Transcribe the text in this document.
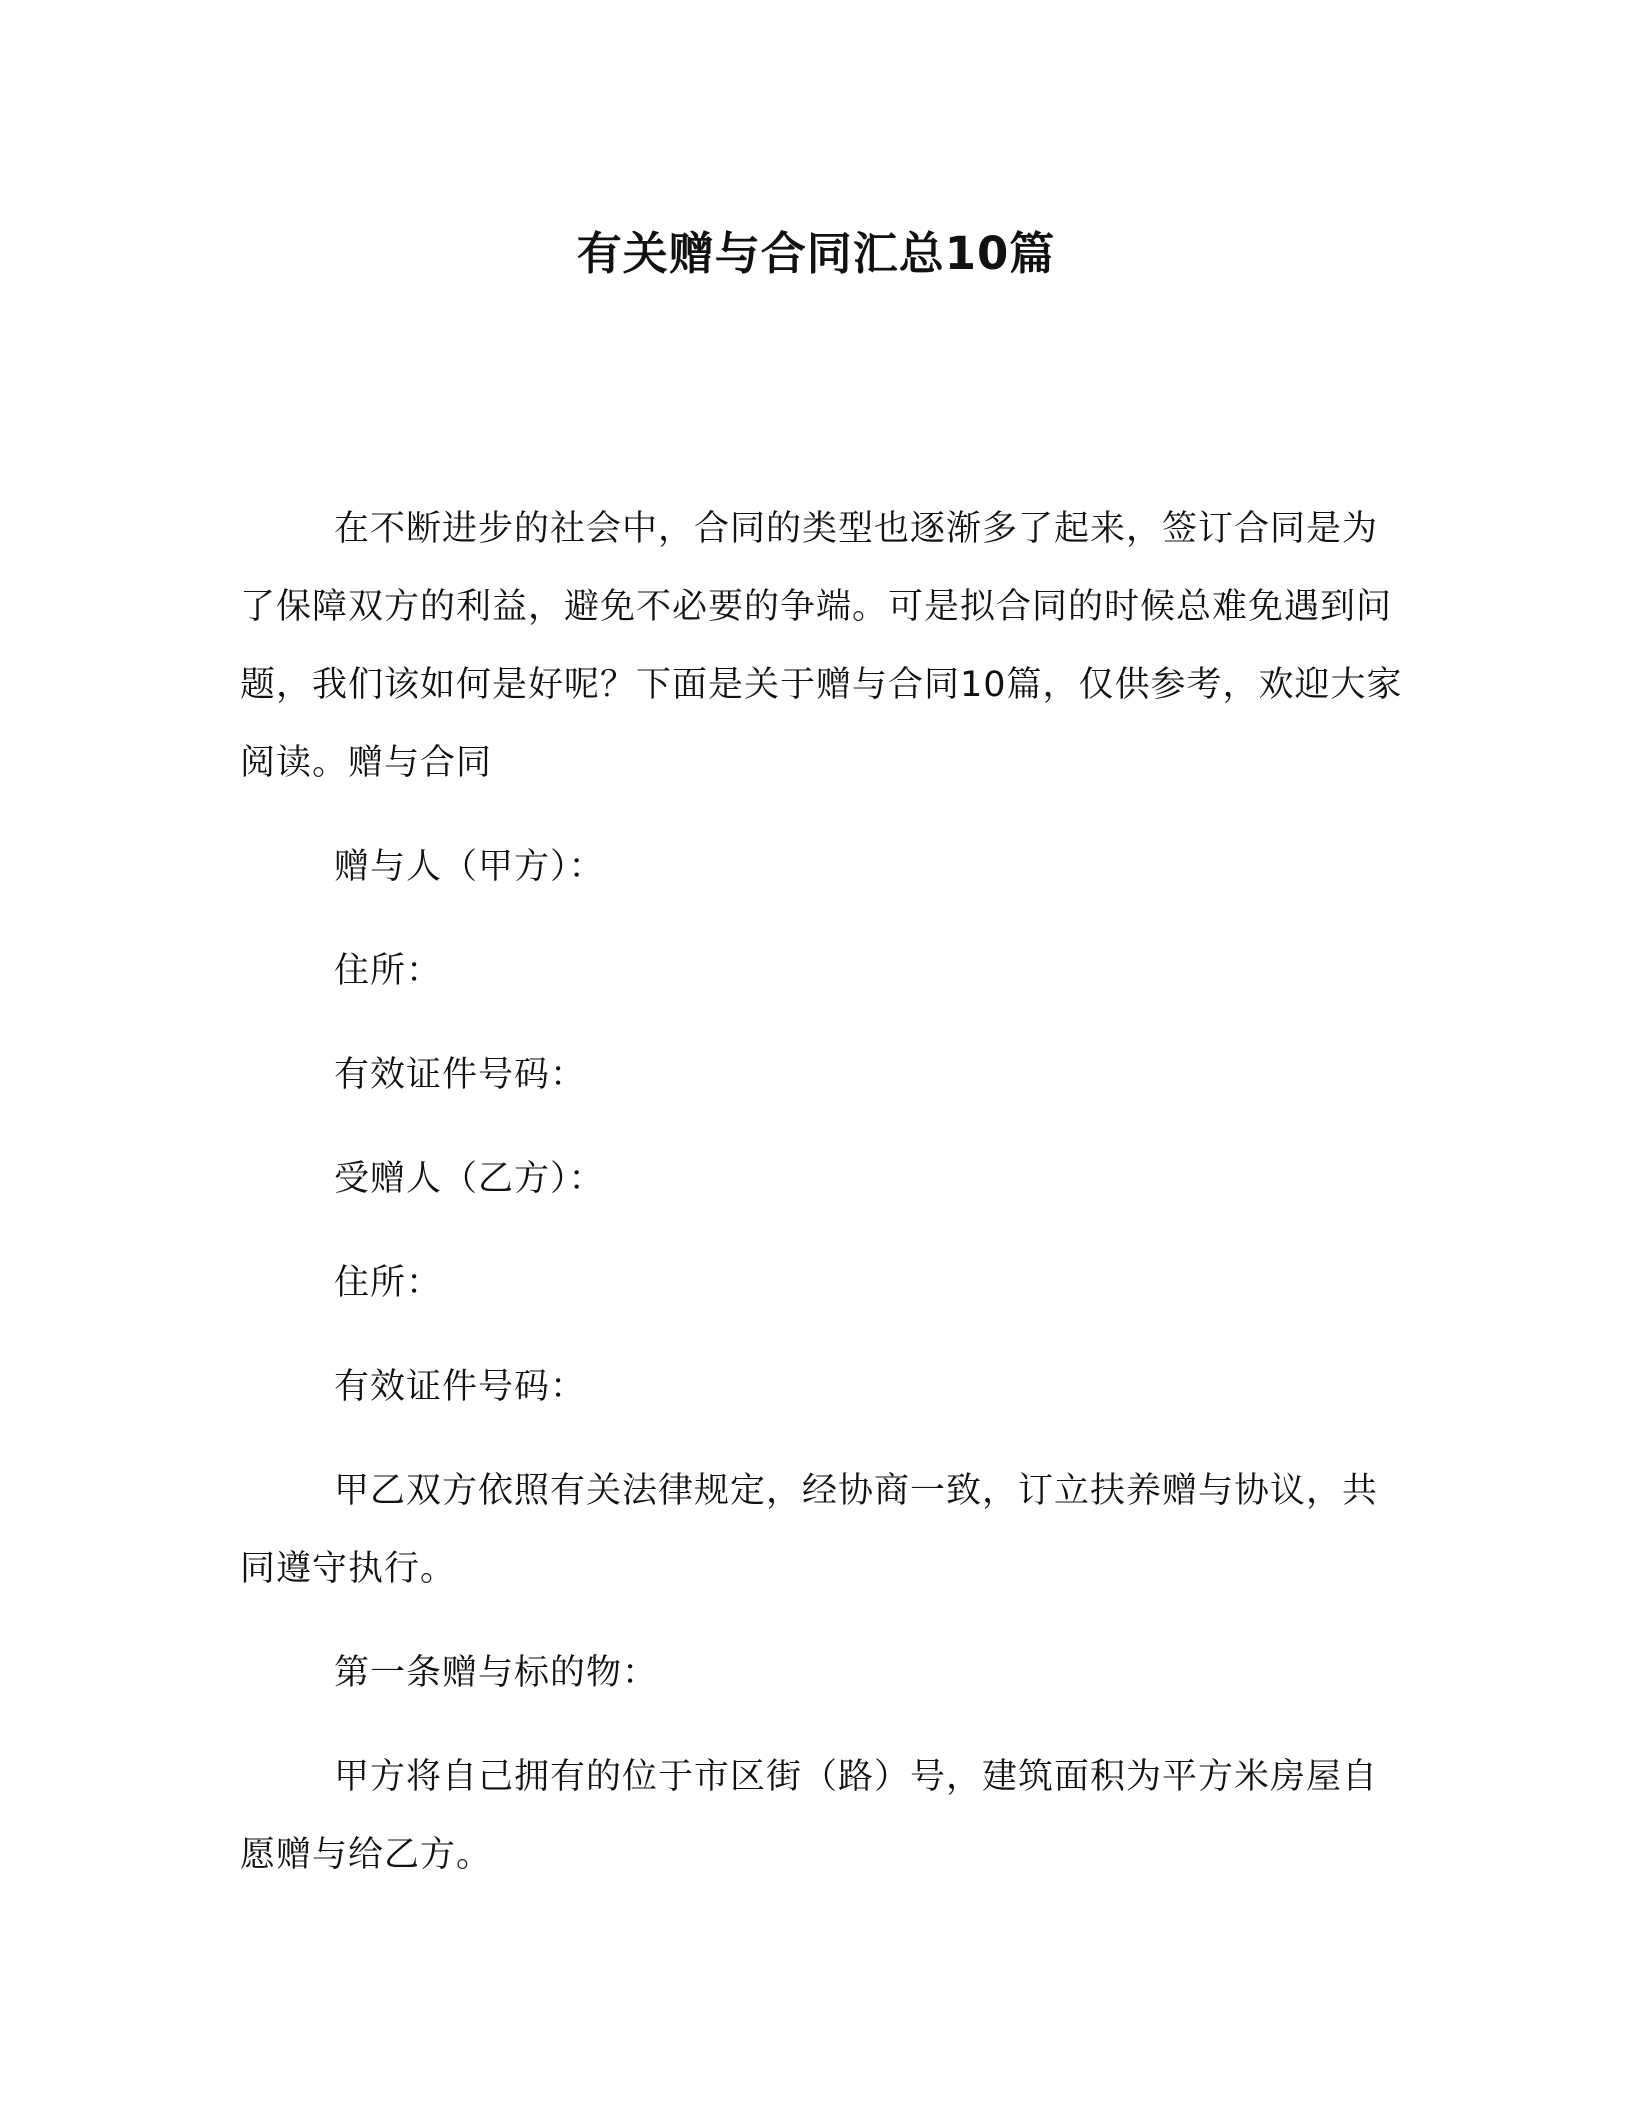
有关赠与合同汇总10篇

在不断进步的社会中，合同的类型也逐渐多了起来，签订合同是为了保障双方的利益，避免不必要的争端。可是拟合同的时候总难免遇到问题，我们该如何是好呢？下面是关于赠与合同10篇，仅供参考，欢迎大家阅读。赠与合同

赠与人（甲方）：

住所：

有效证件号码：

受赠人（乙方）：

住所：

有效证件号码：

甲乙双方依照有关法律规定，经协商一致，订立扶养赠与协议，共同遵守执行。

第一条赠与标的物：

甲方将自己拥有的位于市区街（路）号，建筑面积为平方米房屋自愿赠与给乙方。
